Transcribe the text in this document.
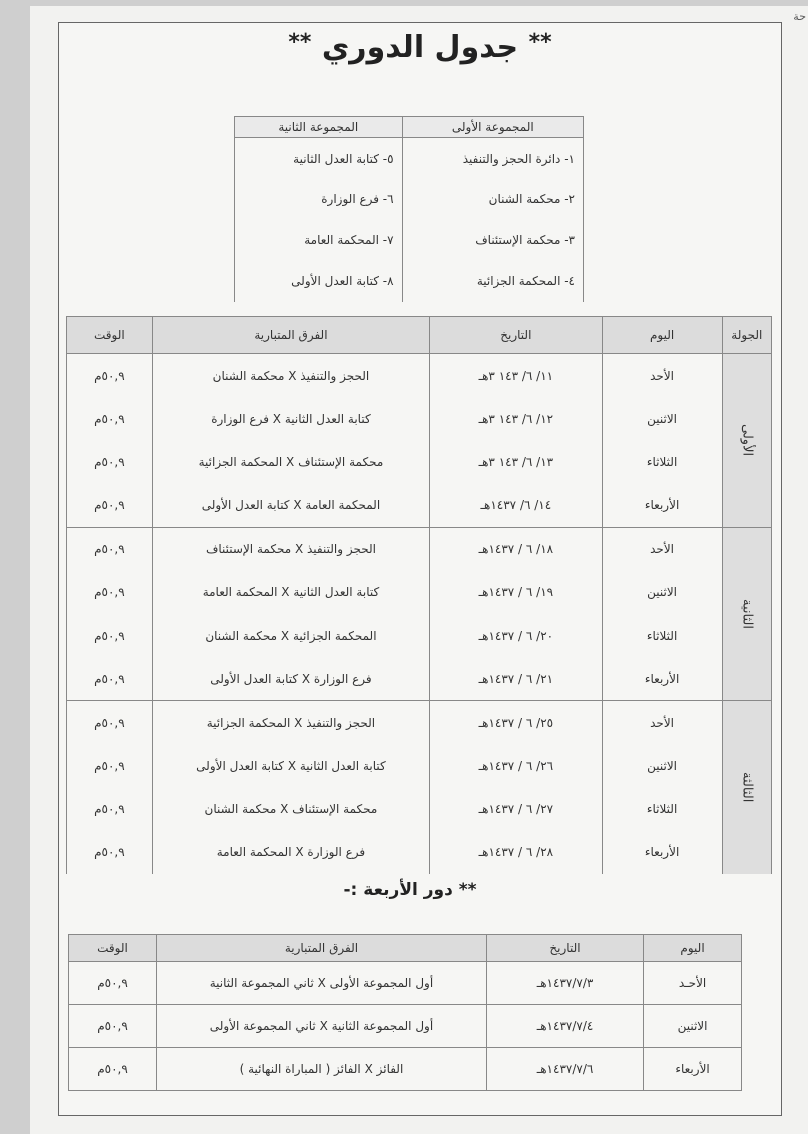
حة
** جدول الدوري **
المجموعة الأولى	المجموعة الثانية
١- دائرة الحجز والتنفيذ	٥- كتابة العدل الثانية
٢- محكمة الشنان	٦- فرع الوزارة
٣- محكمة الإستئناف	٧- المحكمة العامة
٤- المحكمة الجزائية	٨- كتابة العدل الأولى
الجولة	اليوم	التاريخ	الفرق المتبارية	الوقت
الأولى	الأحد	١١/ ٦/ ١٤٣ ٣هـ	الحجز والتنفيذ X محكمة الشنان	٥٠,٩م
	الاثنين	١٢/ ٦/ ١٤٣ ٣هـ	كتابة العدل الثانية X فرع الوزارة	٥٠,٩م
	الثلاثاء	١٣/ ٦/ ١٤٣ ٣هـ	محكمة الإستئناف X المحكمة الجزائية	٥٠,٩م
	الأربعاء	١٤/ ٦/ ١٤٣٧هـ	المحكمة العامة X كتابة العدل الأولى	٥٠,٩م
الثانية	الأحد	١٨/ ٦ / ١٤٣٧هـ	الحجز والتنفيذ X محكمة الإستئناف	٥٠,٩م
	الاثنين	١٩/ ٦ / ١٤٣٧هـ	كتابة العدل الثانية X المحكمة العامة	٥٠,٩م
	الثلاثاء	٢٠/ ٦ / ١٤٣٧هـ	المحكمة الجزائية X محكمة الشنان	٥٠,٩م
	الأربعاء	٢١/ ٦ / ١٤٣٧هـ	فرع الوزارة X كتابة العدل الأولى	٥٠,٩م
الثالثة	الأحد	٢٥/ ٦ / ١٤٣٧هـ	الحجز والتنفيذ X المحكمة الجزائية	٥٠,٩م
	الاثنين	٢٦/ ٦ / ١٤٣٧هـ	كتابة العدل الثانية X كتابة العدل الأولى	٥٠,٩م
	الثلاثاء	٢٧/ ٦ / ١٤٣٧هـ	محكمة الإستئناف X محكمة الشنان	٥٠,٩م
	الأربعاء	٢٨/ ٦ / ١٤٣٧هـ	فرع الوزارة X المحكمة العامة	٥٠,٩م
** دور الأربعة :-
اليوم	التاريخ	الفرق المتبارية	الوقت
الأحـد	١٤٣٧/٧/٣هـ	أول المجموعة الأولى X ثاني المجموعة الثانية	٥٠,٩م
الاثنين	١٤٣٧/٧/٤هـ	أول المجموعة الثانية X ثاني المجموعة الأولى	٥٠,٩م
الأربعاء	١٤٣٧/٧/٦هـ	الفائز X الفائز ( المباراة النهائية )	٥٠,٩م
